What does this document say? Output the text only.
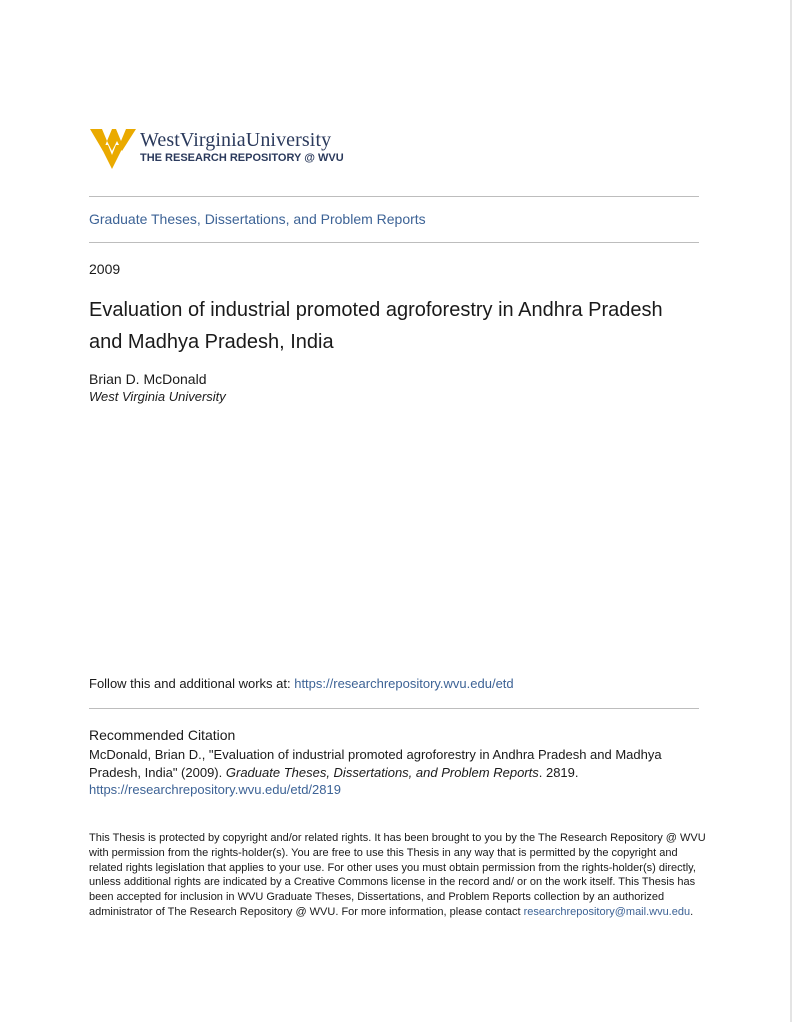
WestVirginiaUniversity
THE RESEARCH REPOSITORY @ WVU
Graduate Theses, Dissertations, and Problem Reports
2009
Evaluation of industrial promoted agroforestry in Andhra Pradesh
and Madhya Pradesh, India
Brian D. McDonald
West Virginia University
Follow this and additional works at: https://researchrepository.wvu.edu/etd
Recommended Citation
McDonald, Brian D., "Evaluation of industrial promoted agroforestry in Andhra Pradesh and Madhya Pradesh, India" (2009). Graduate Theses, Dissertations, and Problem Reports. 2819.
https://researchrepository.wvu.edu/etd/2819
This Thesis is protected by copyright and/or related rights. It has been brought to you by the The Research Repository @ WVU with permission from the rights-holder(s). You are free to use this Thesis in any way that is permitted by the copyright and related rights legislation that applies to your use. For other uses you must obtain permission from the rights-holder(s) directly, unless additional rights are indicated by a Creative Commons license in the record and/ or on the work itself. This Thesis has been accepted for inclusion in WVU Graduate Theses, Dissertations, and Problem Reports collection by an authorized administrator of The Research Repository @ WVU. For more information, please contact researchrepository@mail.wvu.edu.
